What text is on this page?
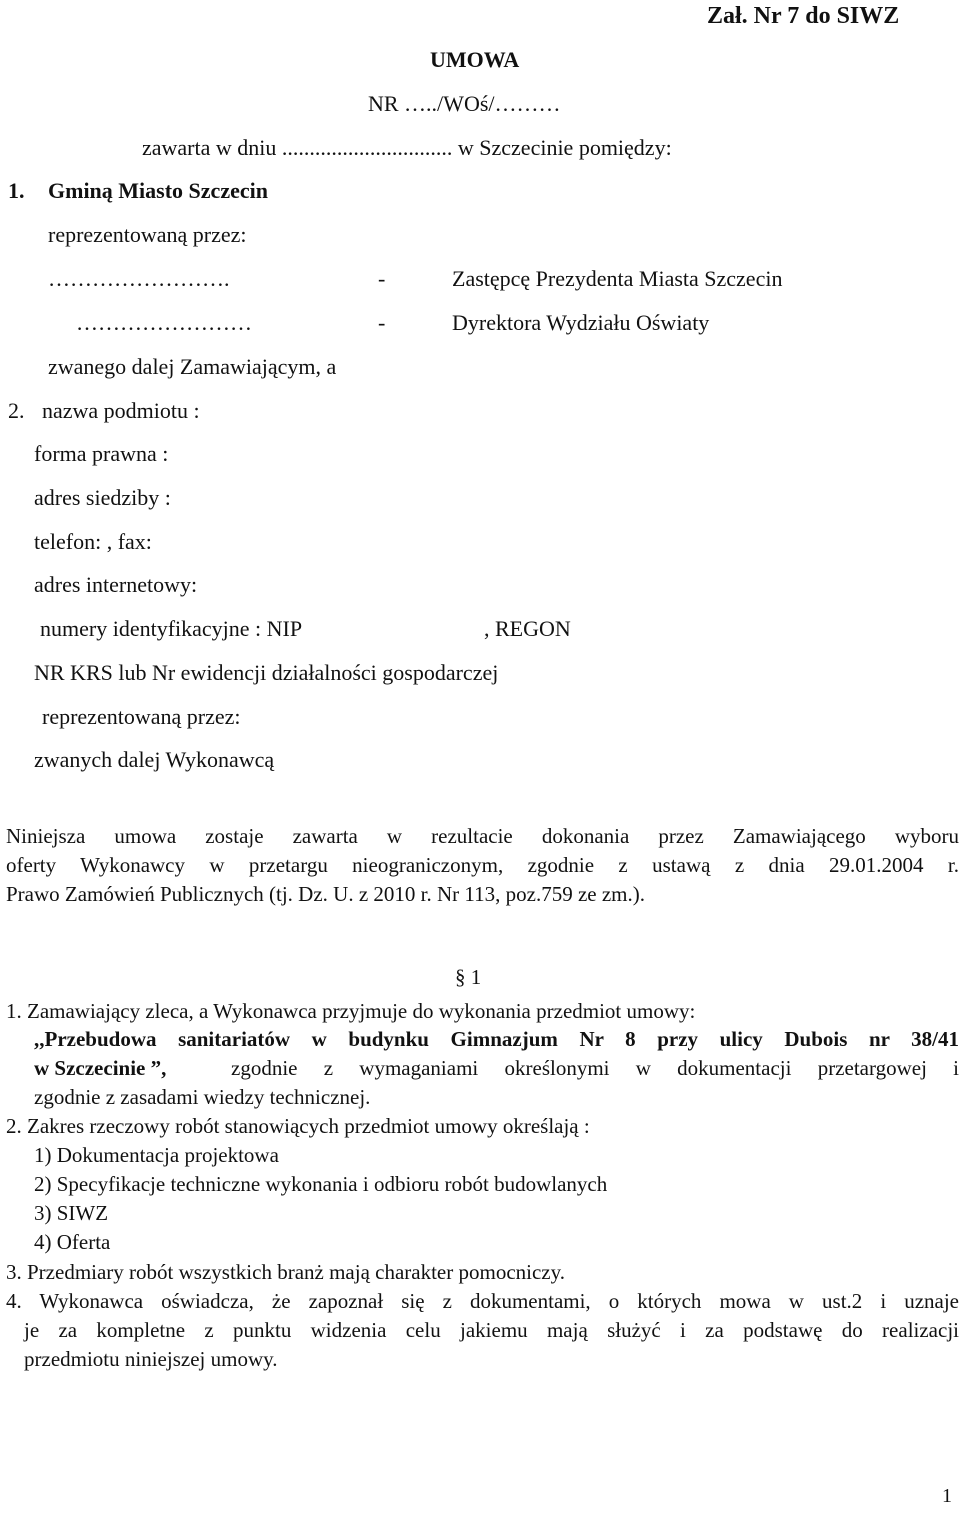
Zał. Nr 7 do SIWZ
UMOWA
NR …../WOś/………
zawarta w dniu ............................... w Szczecinie pomiędzy:
1. Gminą Miasto Szczecin
reprezentowaną przez:
…………………….	-	Zastępcę Prezydenta Miasta Szczecin
……………………	-	Dyrektora Wydziału Oświaty
zwanego dalej Zamawiającym, a
2. nazwa podmiotu :
forma prawna :
adres siedziby :
telefon: , fax:
adres internetowy:
numery identyfikacyjne : NIP	, REGON
NR KRS lub Nr ewidencji działalności gospodarczej
reprezentowaną przez:
zwanych dalej Wykonawcą
Niniejsza umowa zostaje zawarta w rezultacie dokonania przez Zamawiającego wyboru
oferty Wykonawcy w przetargu nieograniczonym, zgodnie z ustawą z dnia 29.01.2004 r.
Prawo Zamówień Publicznych (tj. Dz. U. z 2010 r. Nr 113, poz.759 ze zm.).
§ 1
1. Zamawiający zleca, a Wykonawca przyjmuje do wykonania przedmiot umowy:
,,Przebudowa sanitariatów w budynku Gimnazjum Nr 8 przy ulicy Dubois nr 38/41
w Szczecinie ”,	zgodnie z wymaganiami określonymi w dokumentacji przetargowej i
zgodnie z zasadami wiedzy technicznej.
2. Zakres rzeczowy robót stanowiących przedmiot umowy określają :
1) Dokumentacja projektowa
2) Specyfikacje techniczne wykonania i odbioru robót budowlanych
3) SIWZ
4) Oferta
3. Przedmiary robót wszystkich branż mają charakter pomocniczy.
4. Wykonawca oświadcza, że zapoznał się z dokumentami, o których mowa w ust.2 i uznaje
je za kompletne z punktu widzenia celu jakiemu mają służyć i za podstawę do realizacji
przedmiotu niniejszej umowy.
1
